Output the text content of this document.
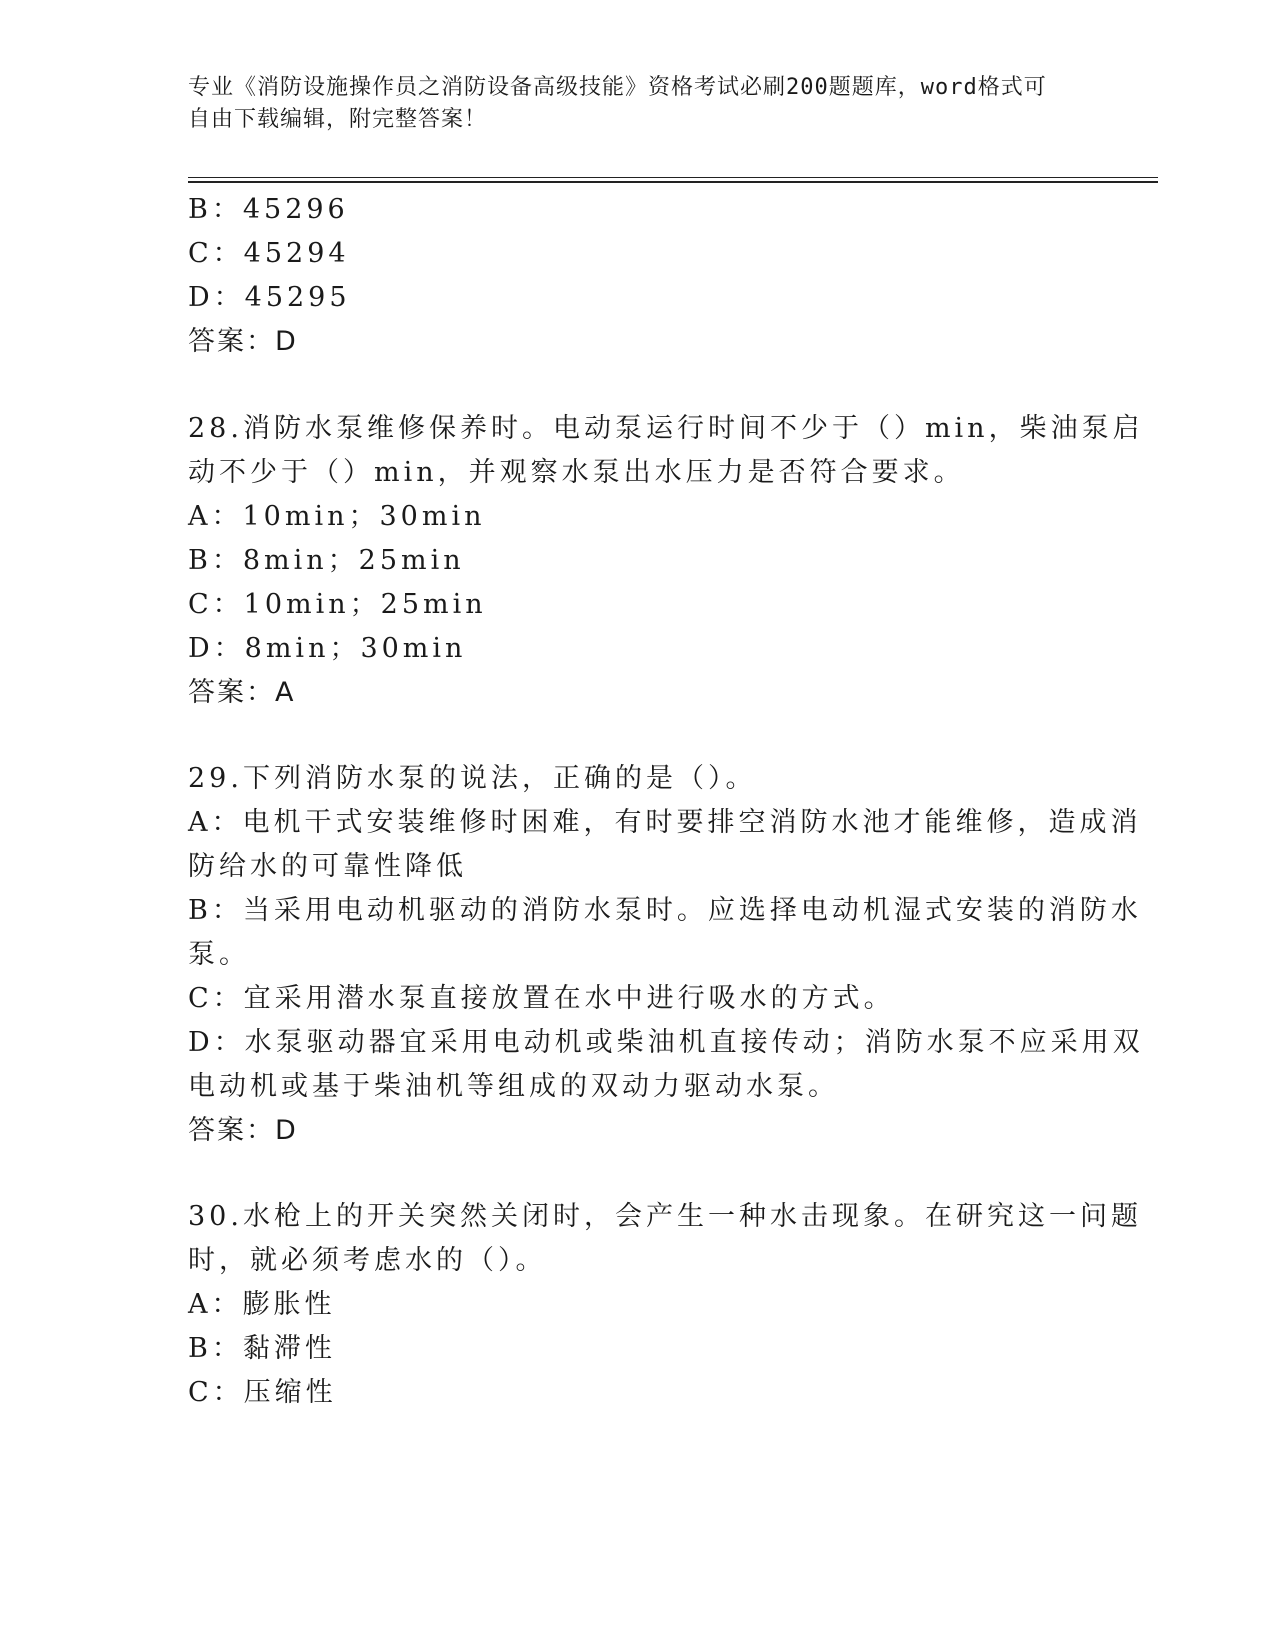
专业《消防设施操作员之消防设备高级技能》资格考试必刷200题题库，word格式可自由下载编辑，附完整答案！

B：45296

C：45294

D：45295

答案：D

28.消防水泵维修保养时。电动泵运行时间不少于（）min，柴油泵启

动不少于（）min，并观察水泵出水压力是否符合要求。

A：10min；30min

B：8min；25min

C：10min；25min

D：8min；30min

答案：A

29.下列消防水泵的说法，正确的是（）。

A：电机干式安装维修时困难，有时要排空消防水池才能维修，造成消

防给水的可靠性降低

B：当采用电动机驱动的消防水泵时。应选择电动机湿式安装的消防水

泵。

C：宜采用潜水泵直接放置在水中进行吸水的方式。

D：水泵驱动器宜采用电动机或柴油机直接传动；消防水泵不应采用双

电动机或基于柴油机等组成的双动力驱动水泵。

答案：D

30.水枪上的开关突然关闭时，会产生一种水击现象。在研究这一问题

时，就必须考虑水的（）。

A：膨胀性

B：黏滞性

C：压缩性
